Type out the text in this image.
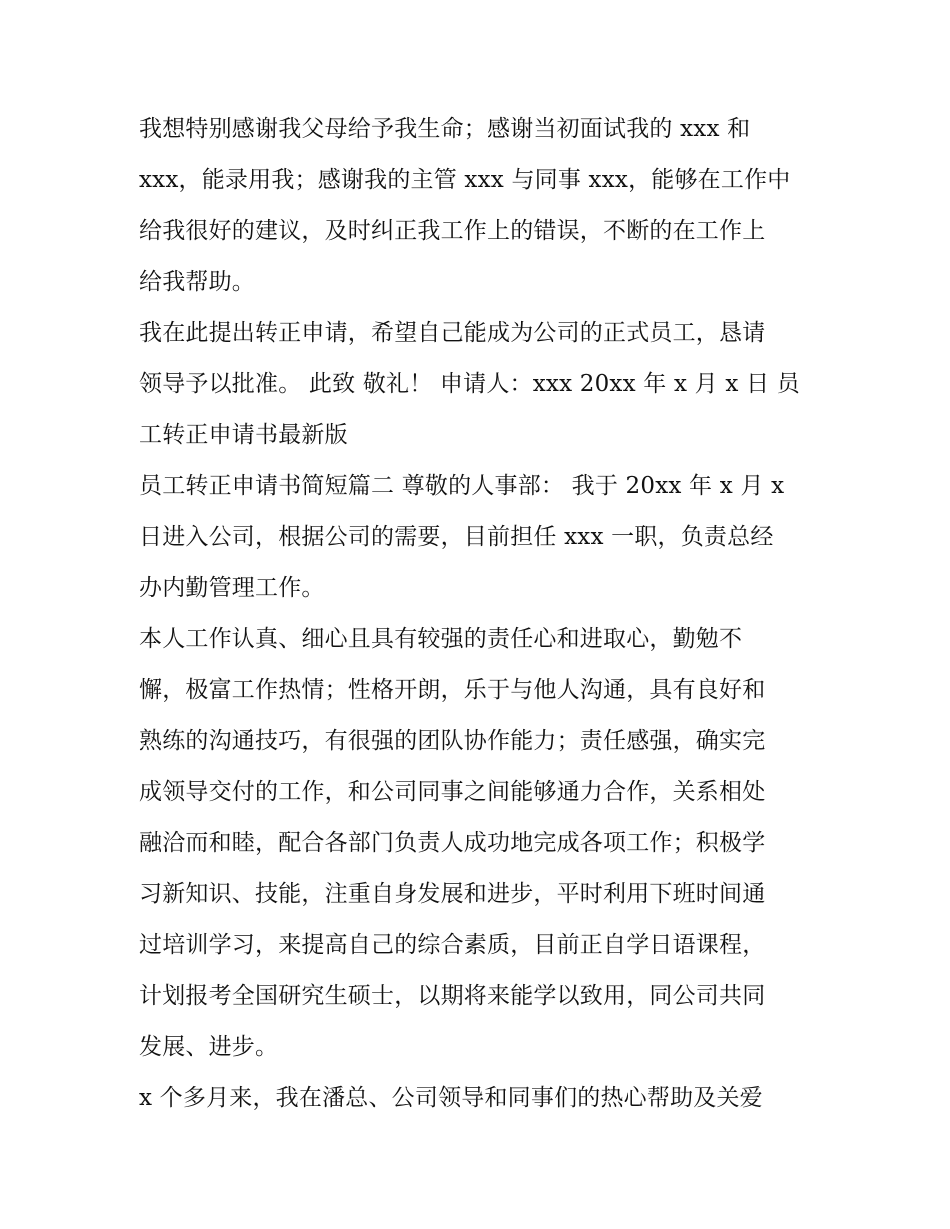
我想特别感谢我父母给予我生命；感谢当初面试我的 xxx 和
xxx，能录用我；感谢我的主管 xxx 与同事 xxx，能够在工作中
给我很好的建议，及时纠正我工作上的错误，不断的在工作上
给我帮助。
我在此提出转正申请，希望自己能成为公司的正式员工，恳请
领导予以批准。 此致 敬礼！ 申请人：xxx 20xx 年 x 月 x 日 员
工转正申请书最新版
员工转正申请书简短篇二 尊敬的人事部： 我于 20xx 年 x 月 x
日进入公司，根据公司的需要，目前担任 xxx 一职，负责总经
办内勤管理工作。
本人工作认真、细心且具有较强的责任心和进取心，勤勉不
懈，极富工作热情；性格开朗，乐于与他人沟通，具有良好和
熟练的沟通技巧，有很强的团队协作能力；责任感强，确实完
成领导交付的工作，和公司同事之间能够通力合作，关系相处
融洽而和睦，配合各部门负责人成功地完成各项工作；积极学
习新知识、技能，注重自身发展和进步，平时利用下班时间通
过培训学习，来提高自己的综合素质，目前正自学日语课程，
计划报考全国研究生硕士，以期将来能学以致用，同公司共同
发展、进步。
x 个多月来，我在潘总、公司领导和同事们的热心帮助及关爱
